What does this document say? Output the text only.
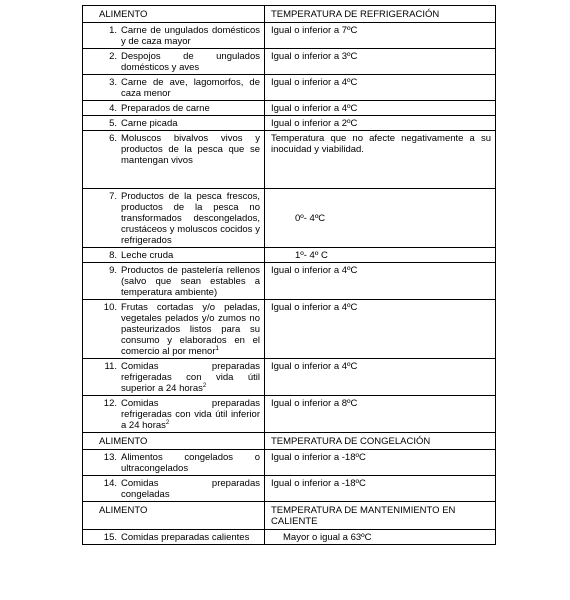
ALIMENTO	TEMPERATURA DE REFRIGERACIÓN

1. Carne de ungulados domésticos y de caza mayor	Igual o inferior a 7ºC

2. Despojos de ungulados domésticos y aves	Igual o inferior a 3ºC

3. Carne de ave, lagomorfos, de caza menor	Igual o inferior a 4ºC

4. Preparados de carne	Igual o inferior a 4ºC

5. Carne picada	Igual o inferior a 2ºC

6. Moluscos bivalvos vivos y productos de la pesca que se mantengan vivos	Temperatura que no afecte negativamente a su inocuidad y viabilidad.

7. Productos de la pesca frescos, productos de la pesca no transformados descongelados, crustáceos y moluscos cocidos y refrigerados	0º- 4ºC

8. Leche cruda	1º- 4º C

9. Productos de pastelería rellenos (salvo que sean estables a temperatura ambiente)	Igual o inferior a 4ºC

10. Frutas cortadas y/o peladas, vegetales pelados y/o zumos no pasteurizados listos para su consumo y elaborados en el comercio al por menor$^1$	Igual o inferior a 4ºC

11. Comidas preparadas refrigeradas con vida útil superior a 24 horas$^2$	Igual o inferior a 4ºC

12. Comidas preparadas refrigeradas con vida útil inferior a 24 horas$^2$	Igual o inferior a 8ºC
ALIMENTO	TEMPERATURA DE CONGELACIÓN

13. Alimentos congelados o ultracongelados	Igual o inferior a -18ºC

14. Comidas preparadas congeladas	Igual o inferior a -18ºC
ALIMENTO	TEMPERATURA DE MANTENIMIENTO EN CALIENTE

15. Comidas preparadas calientes	Mayor o igual a 63ºC
